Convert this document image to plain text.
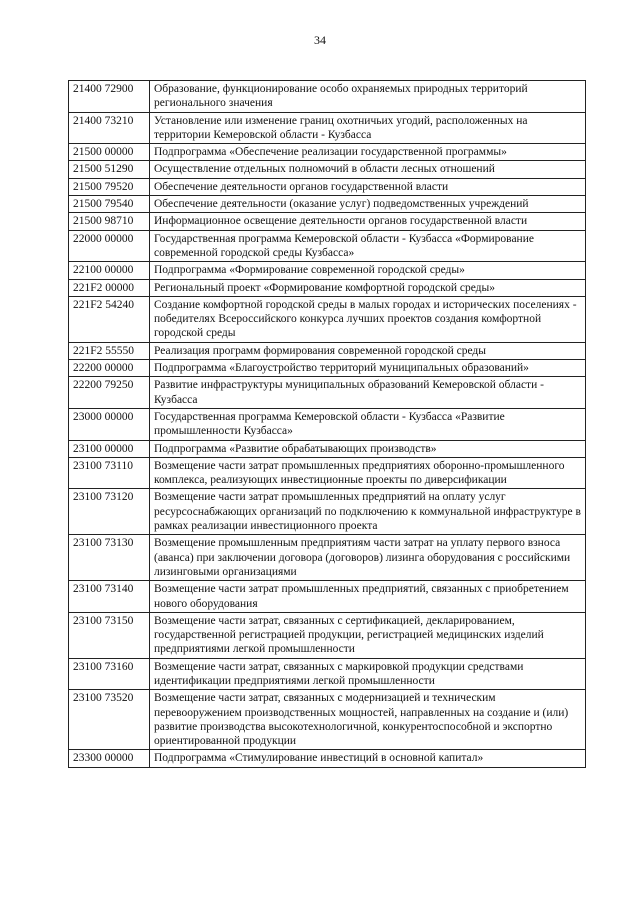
34
21400 72900	Образование, функционирование особо охраняемых природных территорий регионального значения
21400 73210	Установление или изменение границ охотничьих угодий, расположенных на территории Кемеровской области - Кузбасса
21500 00000	Подпрограмма «Обеспечение реализации государственной программы»
21500 51290	Осуществление отдельных полномочий в области лесных отношений
21500 79520	Обеспечение деятельности органов государственной власти
21500 79540	Обеспечение деятельности (оказание услуг) подведомственных учреждений
21500 98710	Информационное освещение деятельности органов государственной власти
22000 00000	Государственная программа Кемеровской области - Кузбасса «Формирование современной городской среды Кузбасса»
22100 00000	Подпрограмма «Формирование современной городской среды»
221F2 00000	Региональный проект «Формирование комфортной городской среды»
221F2 54240	Создание комфортной городской среды в малых городах и исторических поселениях - победителях Всероссийского конкурса лучших проектов создания комфортной городской среды
221F2 55550	Реализация программ формирования современной городской среды
22200 00000	Подпрограмма «Благоустройство территорий муниципальных образований»
22200 79250	Развитие инфраструктуры муниципальных образований Кемеровской области - Кузбасса
23000 00000	Государственная программа Кемеровской области - Кузбасса «Развитие промышленности Кузбасса»
23100 00000	Подпрограмма «Развитие обрабатывающих производств»
23100 73110	Возмещение части затрат промышленных предприятиях оборонно-промышленного комплекса, реализующих инвестиционные проекты по диверсификации
23100 73120	Возмещение части затрат промышленных предприятий на оплату услуг ресурсоснабжающих организаций по подключению к коммунальной инфраструктуре в рамках реализации инвестиционного проекта
23100 73130	Возмещение промышленным предприятиям части затрат на уплату первого взноса (аванса) при заключении договора (договоров) лизинга оборудования с российскими лизинговыми организациями
23100 73140	Возмещение части затрат промышленных предприятий, связанных с приобретением нового оборудования
23100 73150	Возмещение части затрат, связанных с сертификацией, декларированием, государственной регистрацией продукции, регистрацией медицинских изделий предприятиями легкой промышленности
23100 73160	Возмещение части затрат, связанных с маркировкой продукции средствами идентификации предприятиями легкой промышленности
23100 73520	Возмещение части затрат, связанных с модернизацией и техническим перевооружением производственных мощностей, направленных на создание и (или) развитие производства высокотехнологичной, конкурентоспособной и экспортно ориентированной продукции
23300 00000	Подпрограмма «Стимулирование инвестиций в основной капитал»
